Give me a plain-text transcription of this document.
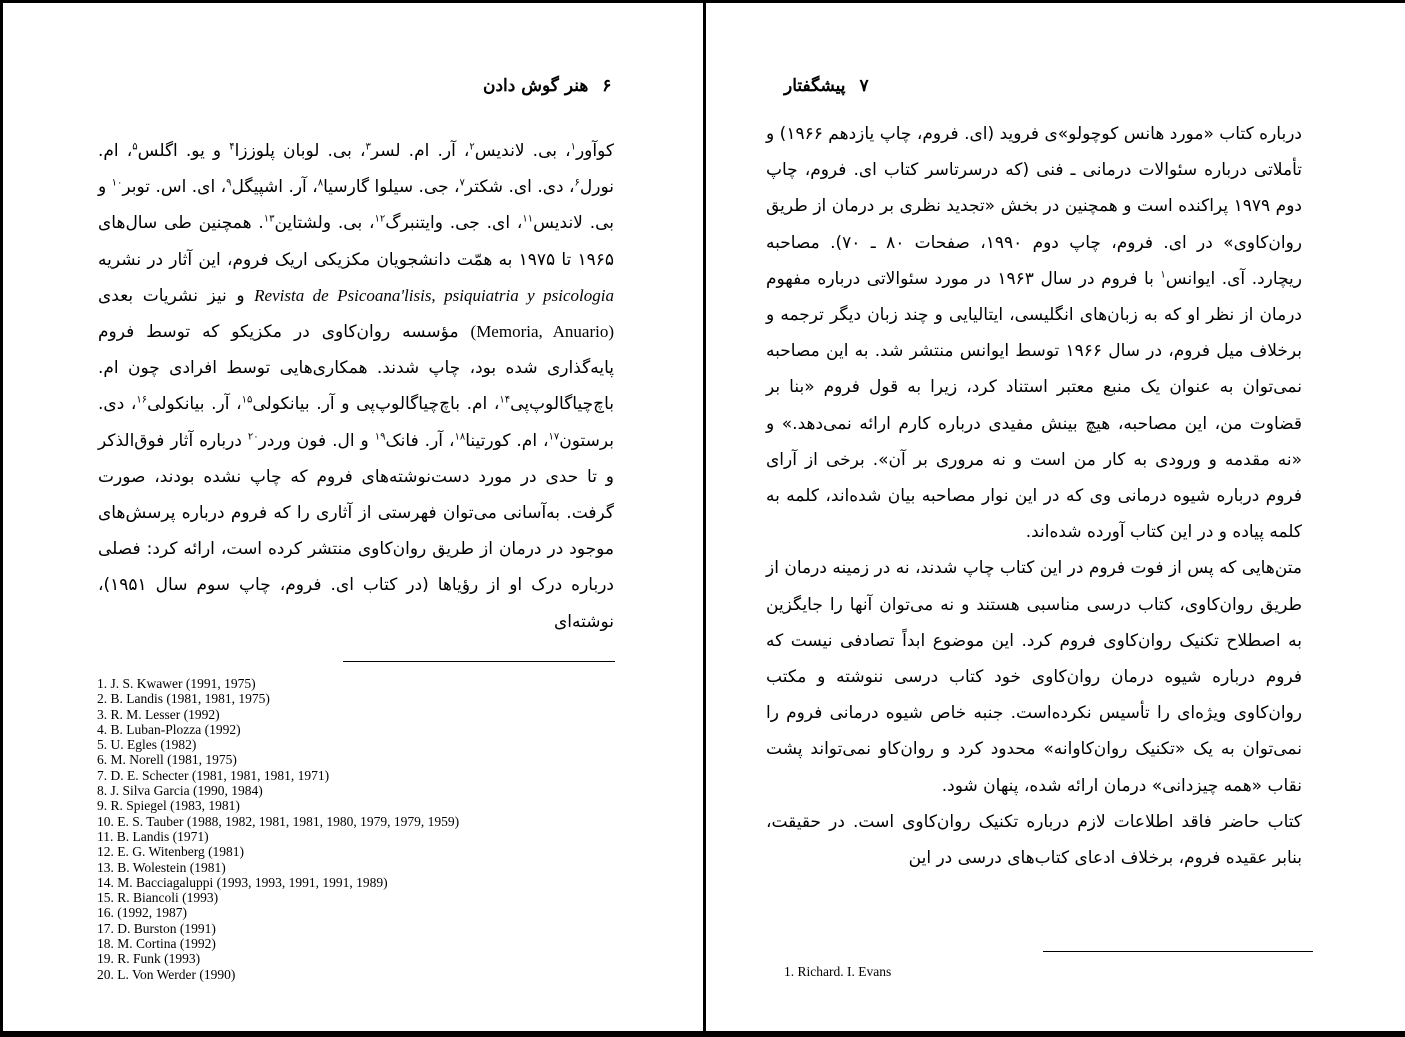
۶هنر گوش دادن
کوآور$^۱$، بی. لاندیس$^۲$، آر. ام. لسر$^۳$، بی. لوبان پلوززا$^۴$ و یو. اگلس$^۵$، ام. نورل$^۶$، دی. ای. شکتر$^۷$، جی. سیلوا گارسیا$^۸$، آر. اشپیگل$^۹$، ای. اس. توبر$^{۱۰}$ و بی. لاندیس$^{۱۱}$، ای. جی. وایتنبرگ$^{۱۲}$، بی. ولشتاین$^{۱۳}$. همچنین طی سال‌های ۱۹۶۵ تا ۱۹۷۵ به همّت دانشجویان مکزیکی اریک فروم، این آثار در نشریه Revista de Psicoana'lisis, psiquiatria y psicologia و نیز نشریات بعدی (Memoria, Anuario) مؤسسه روان‌کاوی در مکزیکو که توسط فروم پایه‌گذاری شده بود، چاپ شدند. همکاری‌هایی توسط افرادی چون ام. باچ‌چیاگالوپ‌پی$^{۱۴}$، ام. باچ‌چیاگالوپ‌پی و آر. بیانکولی$^{۱۵}$، آر. بیانکولی$^{۱۶}$، دی. برستون$^{۱۷}$، ام. کورتینا$^{۱۸}$، آر. فانک$^{۱۹}$ و ال. فون وردر$^{۲۰}$ درباره آثار فوق‌الذکر و تا حدی در مورد دست‌نوشته‌های فروم که چاپ نشده بودند، صورت گرفت. به‌آسانی می‌توان فهرستی از آثاری را که فروم درباره پرسش‌های موجود در درمان از طریق روان‌کاوی منتشر کرده است، ارائه کرد: فصلی درباره درک او از رؤیاها (در کتاب ای. فروم، چاپ سوم سال ۱۹۵۱)، نوشته‌ای
1. J. S. Kwawer (1991, 1975)
2. B. Landis (1981, 1981, 1975)
3. R. M. Lesser (1992)
4. B. Luban-Plozza (1992)
5. U. Egles (1982)
6. M. Norell (1981, 1975)
7. D. E. Schecter (1981, 1981, 1981, 1971)
8. J. Silva Garcia (1990, 1984)
9. R. Spiegel (1983, 1981)
10. E. S. Tauber (1988, 1982, 1981, 1981, 1980, 1979, 1979, 1959)
11. B. Landis (1971)
12. E. G. Witenberg (1981)
13. B. Wolestein (1981)
14. M. Bacciagaluppi (1993, 1993, 1991, 1991, 1989)
15. R. Biancoli (1993)
16. (1992, 1987)
17. D. Burston (1991)
18. M. Cortina (1992)
19. R. Funk (1993)
20. L. Von Werder (1990)
۷پیشگفتار

درباره کتاب «مورد هانس کوچولو»ی فروید (ای. فروم، چاپ یازدهم ۱۹۶۶) و تأملاتی درباره سئوالات درمانی ـ فنی (که درسرتاسر کتاب ای. فروم، چاپ دوم ۱۹۷۹ پراکنده است و همچنین در بخش «تجدید نظری بر درمان از طریق روان‌کاوی» در ای. فروم، چاپ دوم ۱۹۹۰، صفحات ۸۰ ـ ۷۰). مصاحبه ریچارد. آی. ایوانس$^۱$ با فروم در سال ۱۹۶۳ در مورد سئوالاتی درباره مفهوم درمان از نظر او که به زبان‌های انگلیسی، ایتالیایی و چند زبان دیگر ترجمه و برخلاف میل فروم، در سال ۱۹۶۶ توسط ایوانس منتشر شد. به این مصاحبه نمی‌توان به عنوان یک منبع معتبر استناد کرد، زیرا به قول فروم «بنا بر قضاوت من، این مصاحبه، هیچ بینش مفیدی درباره کارم ارائه نمی‌دهد.» و «نه مقدمه و ورودی به کار من است و نه مروری بر آن». برخی از آرای فروم درباره شیوه درمانی وی که در این نوار مصاحبه بیان شده‌اند، کلمه به کلمه پیاده و در این کتاب آورده شده‌اند.

متن‌هایی که پس از فوت فروم در این کتاب چاپ شدند، نه در زمینه درمان از طریق روان‌کاوی، کتاب درسی مناسبی هستند و نه می‌توان آنها را جایگزین به اصطلاح تکنیک روان‌کاوی فروم کرد. این موضوع ابداً تصادفی نیست که فروم درباره شیوه درمان روان‌کاوی خود کتاب درسی ننوشته و مکتب روان‌کاوی ویژه‌ای را تأسیس نکرده‌است. جنبه خاص شیوه درمانی فروم را نمی‌توان به یک «تکنیک روان‌کاوانه» محدود کرد و روان‌کاو نمی‌تواند پشت نقاب «همه چیزدانی» درمان ارائه شده، پنهان شود.

کتاب حاضر فاقد اطلاعات لازم درباره تکنیک روان‌کاوی است. در حقیقت، بنابر عقیده فروم، برخلاف ادعای کتاب‌های درسی در این

1. Richard. I. Evans
